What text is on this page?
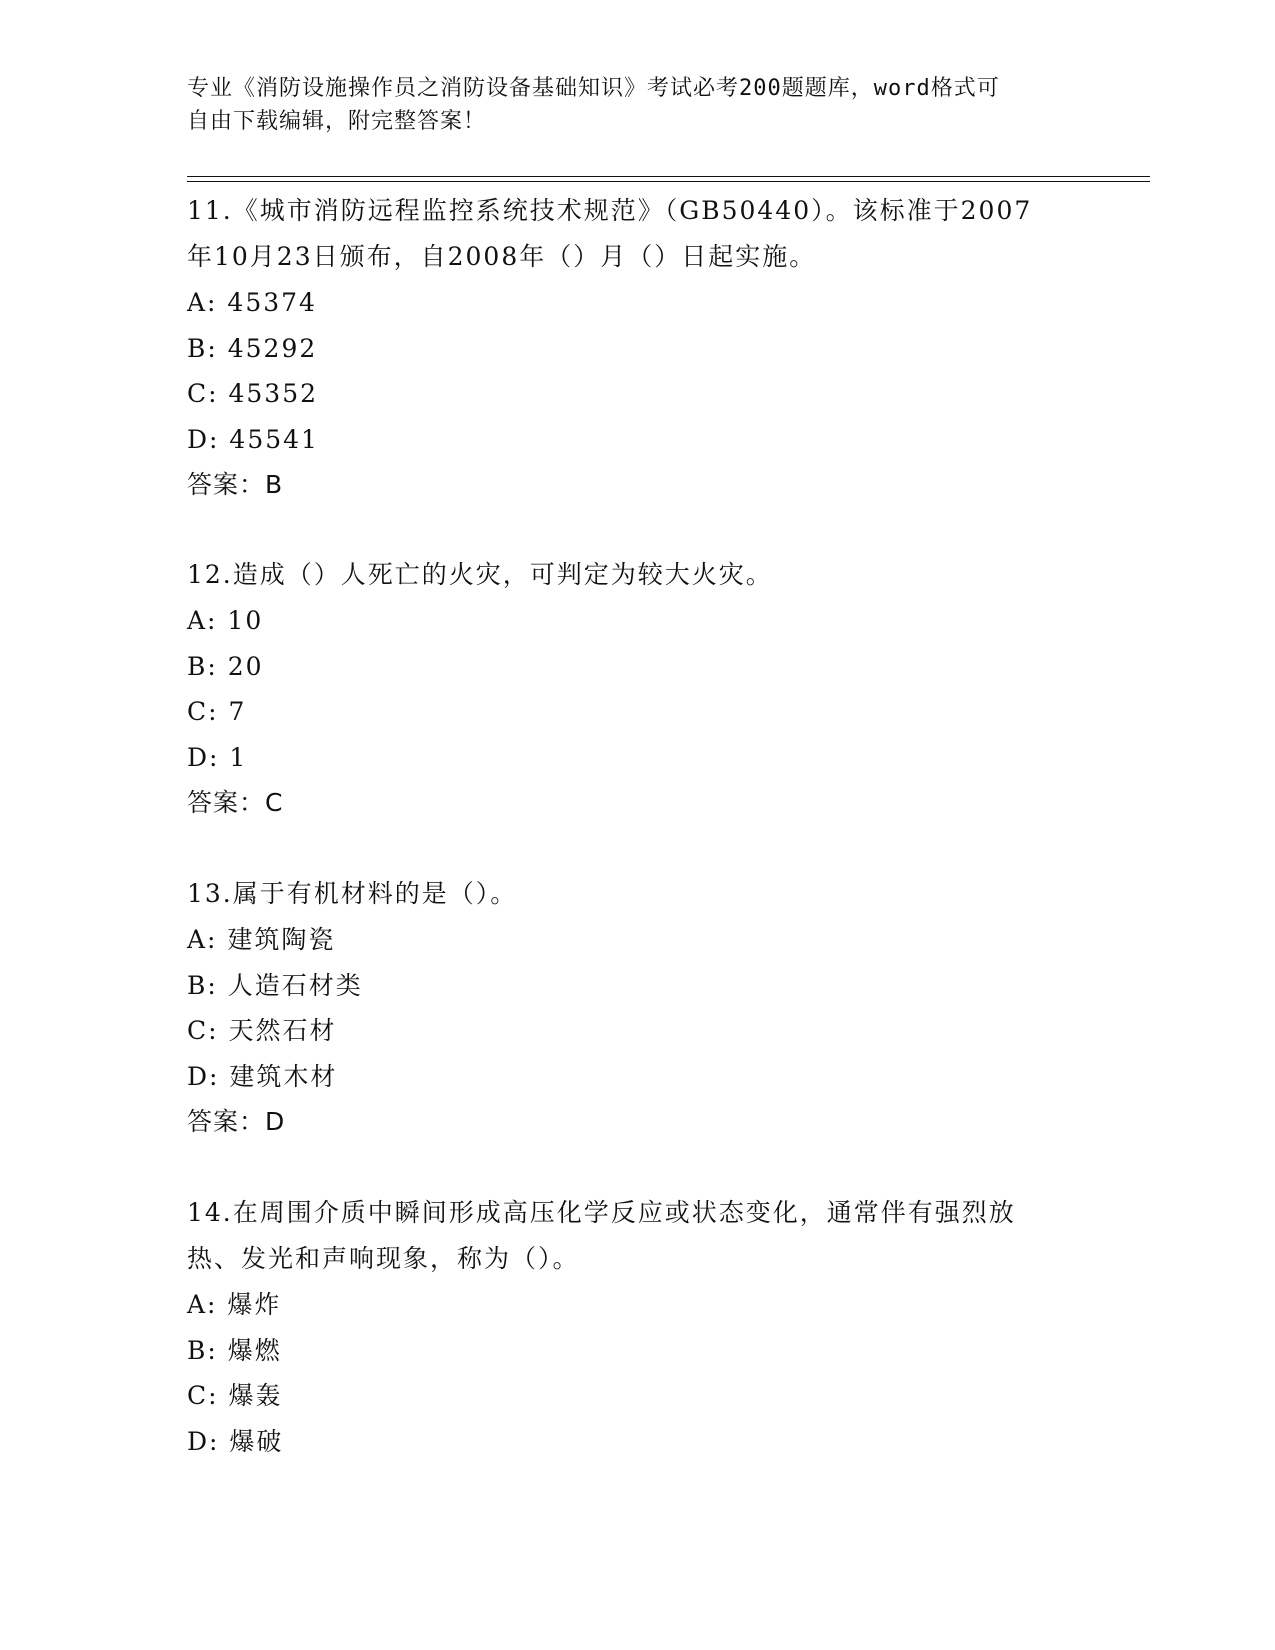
专业《消防设施操作员之消防设备基础知识》考试必考200题题库，word格式可
自由下载编辑，附完整答案！
11.《城市消防远程监控系统技术规范》（GB50440）。该标准于2007
年10月23日颁布，自2008年（）月（）日起实施。
A: 45374
B: 45292
C: 45352
D: 45541
答案：B
12.造成（）人死亡的火灾，可判定为较大火灾。
A: 10
B: 20
C: 7
D: 1
答案：C
13.属于有机材料的是（）。
A: 建筑陶瓷
B: 人造石材类
C: 天然石材
D: 建筑木材
答案：D
14.在周围介质中瞬间形成高压化学反应或状态变化，通常伴有强烈放
热、发光和声响现象，称为（）。
A: 爆炸
B: 爆燃
C: 爆轰
D: 爆破
